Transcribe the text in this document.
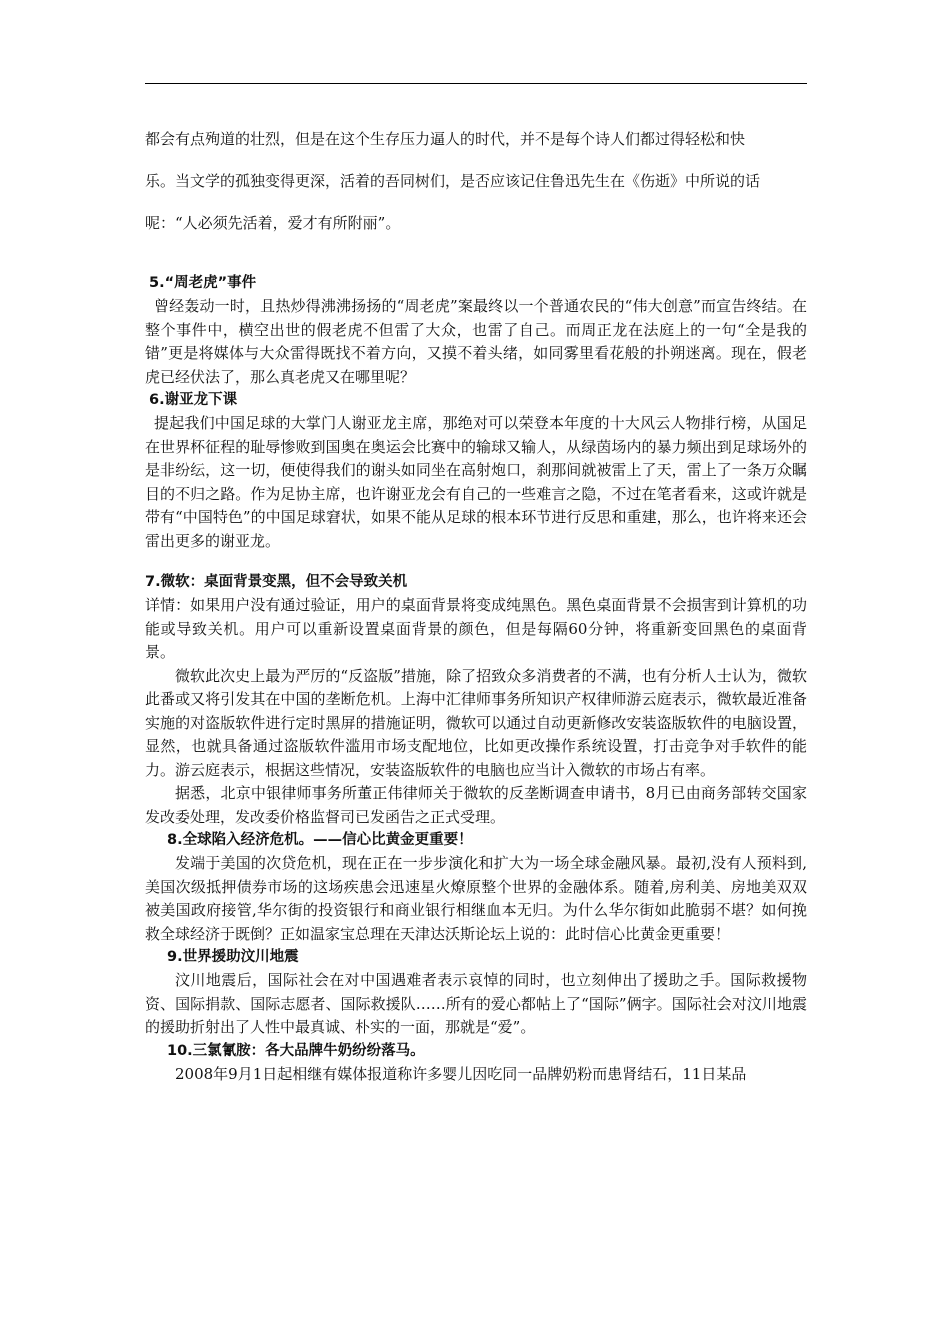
都会有点殉道的壮烈，但是在这个生存压力逼人的时代，并不是每个诗人们都过得轻松和快

乐。当文学的孤独变得更深，活着的吾同树们，是否应该记住鲁迅先生在《伤逝》中所说的话

呢：“人必须先活着，爱才有所附丽”。

5.“周老虎”事件

曾经轰动一时，且热炒得沸沸扬扬的“周老虎”案最终以一个普通农民的“伟大创意”而宣告终结。在整个事件中，横空出世的假老虎不但雷了大众，也雷了自己。而周正龙在法庭上的一句“全是我的错”更是将媒体与大众雷得既找不着方向，又摸不着头绪，如同雾里看花般的扑朔迷离。现在，假老虎已经伏法了，那么真老虎又在哪里呢？

6.谢亚龙下课

提起我们中国足球的大掌门人谢亚龙主席，那绝对可以荣登本年度的十大风云人物排行榜，从国足在世界杯征程的耻辱惨败到国奥在奥运会比赛中的输球又输人，从绿茵场内的暴力频出到足球场外的是非纷纭，这一切，便使得我们的谢头如同坐在高射炮口，刹那间就被雷上了天，雷上了一条万众瞩目的不归之路。作为足协主席，也许谢亚龙会有自己的一些难言之隐，不过在笔者看来，这或许就是带有“中国特色”的中国足球窘状，如果不能从足球的根本环节进行反思和重建，那么，也许将来还会雷出更多的谢亚龙。

7.微软：桌面背景变黑，但不会导致关机

详情：如果用户没有通过验证，用户的桌面背景将变成纯黑色。黑色桌面背景不会损害到计算机的功能或导致关机。用户可以重新设置桌面背景的颜色，但是每隔60分钟，将重新变回黑色的桌面背景。

微软此次史上最为严厉的“反盗版”措施，除了招致众多消费者的不满，也有分析人士认为，微软此番或又将引发其在中国的垄断危机。上海中汇律师事务所知识产权律师游云庭表示，微软最近准备实施的对盗版软件进行定时黑屏的措施证明，微软可以通过自动更新修改安装盗版软件的电脑设置，显然，也就具备通过盗版软件滥用市场支配地位，比如更改操作系统设置，打击竞争对手软件的能力。游云庭表示，根据这些情况，安装盗版软件的电脑也应当计入微软的市场占有率。

据悉，北京中银律师事务所董正伟律师关于微软的反垄断调查申请书，8月已由商务部转交国家发改委处理，发改委价格监督司已发函告之正式受理。

8.全球陷入经济危机。——信心比黄金更重要！

发端于美国的次贷危机，现在正在一步步演化和扩大为一场全球金融风暴。最初,没有人预料到,美国次级抵押债券市场的这场疾患会迅速星火燎原整个世界的金融体系。随着,房利美、房地美双双被美国政府接管,华尔街的投资银行和商业银行相继血本无归。为什么华尔街如此脆弱不堪？如何挽救全球经济于既倒？正如温家宝总理在天津达沃斯论坛上说的：此时信心比黄金更重要！

9.世界援助汶川地震

汶川地震后，国际社会在对中国遇难者表示哀悼的同时，也立刻伸出了援助之手。国际救援物资、国际捐款、国际志愿者、国际救援队……所有的爱心都帖上了“国际”俩字。国际社会对汶川地震的援助折射出了人性中最真诚、朴实的一面，那就是“爱”。

10.三氯氰胺：各大品牌牛奶纷纷落马。

2008年9月1日起相继有媒体报道称许多婴儿因吃同一品牌奶粉而患肾结石，11日某品
